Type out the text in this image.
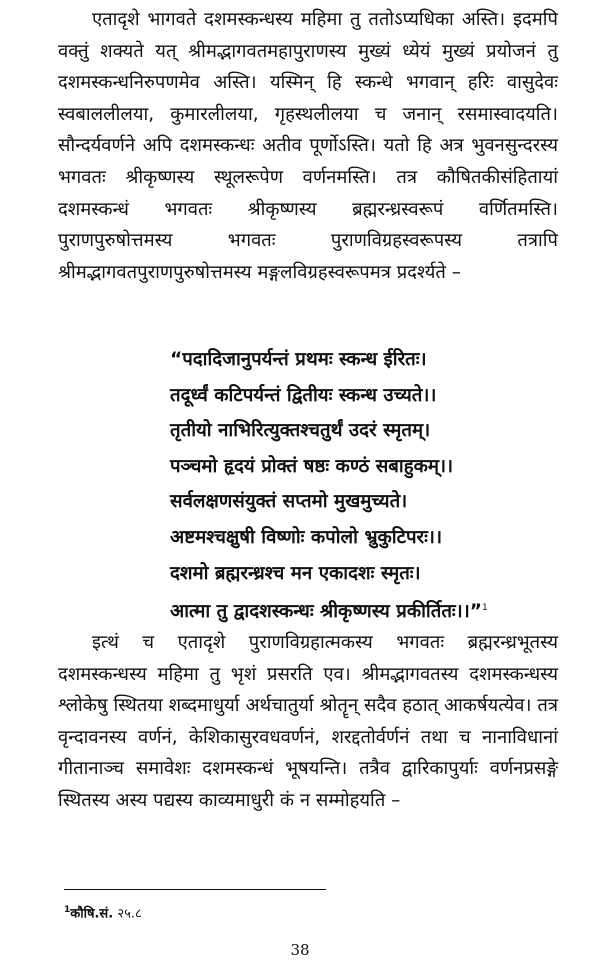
एतादृशे भागवते दशमस्कन्धस्य महिमा तु ततोऽप्यधिका अस्ति। इदमपि वक्तुं शक्यते यत् श्रीमद्भागवतमहापुराणस्य मुख्यं ध्येयं मुख्यं प्रयोजनं तु दशमस्कन्धनिरुपणमेव अस्ति। यस्मिन् हि स्कन्धे भगवान् हरिः वासुदेवः स्वबाललीलया, कुमारलीलया, गृहस्थलीलया च जनान् रसमास्वादयति। सौन्दर्यवर्णने अपि दशमस्कन्धः अतीव पूर्णोऽस्ति। यतो हि अत्र भुवनसुन्दरस्य भगवतः श्रीकृष्णस्य स्थूलरूपेण वर्णनमस्ति। तत्र कौषितकीसंहितायां दशमस्कन्धं भगवतः श्रीकृष्णस्य ब्रह्मरन्ध्रस्वरूपं वर्णितमस्ति। पुराणपुरुषोत्तमस्य भगवतः पुराणविग्रहस्वरूपस्य तत्रापि श्रीमद्भागवतपुराणपुरुषोत्तमस्य मङ्गलविग्रहस्वरूपमत्र प्रदर्श्यते –

“पदादिजानुपर्यन्तं प्रथमः स्कन्ध ईरितः।
तदूर्ध्वं कटिपर्यन्तं द्वितीयः स्कन्ध उच्यते।।
तृतीयो नाभिरित्युक्तश्चतुर्थं उदरं स्मृतम्।
पञ्चमो हृदयं प्रोक्तं षष्ठः कण्ठं सबाहुकम्।।
सर्वलक्षणसंयुक्तं सप्तमो मुखमुच्यते।
अष्टमश्चक्षुषी विष्णोः कपोलो भ्रुकुटिपरः।।
दशमो ब्रह्मरन्ध्रश्च मन एकादशः स्मृतः।
आत्मा तु द्वादशस्कन्धः श्रीकृष्णस्य प्रकीर्तितः।।”$^1$

इत्थं च एतादृशे पुराणविग्रहात्मकस्य भगवतः ब्रह्मरन्ध्रभूतस्य दशमस्कन्धस्य महिमा तु भृशं प्रसरति एव। श्रीमद्भागवतस्य दशमस्कन्धस्य श्लोकेषु स्थितया शब्दमाधुर्या अर्थचातुर्या श्रोतॄन् सदैव हठात् आकर्षयत्येव। तत्र वृन्दावनस्य वर्णनं, केशिकासुरवधवर्णनं, शरद्दतोर्वर्णनं तथा च नानाविधानां गीतानाञ्च समावेशः दशमस्कन्धं भूषयन्ति। तत्रैव द्वारिकापुर्याः वर्णनप्रसङ्गे स्थितस्य अस्य पद्यस्य काव्यमाधुरी कं न सम्मोहयति –

$^1$कौषि.सं. २५.८
38
